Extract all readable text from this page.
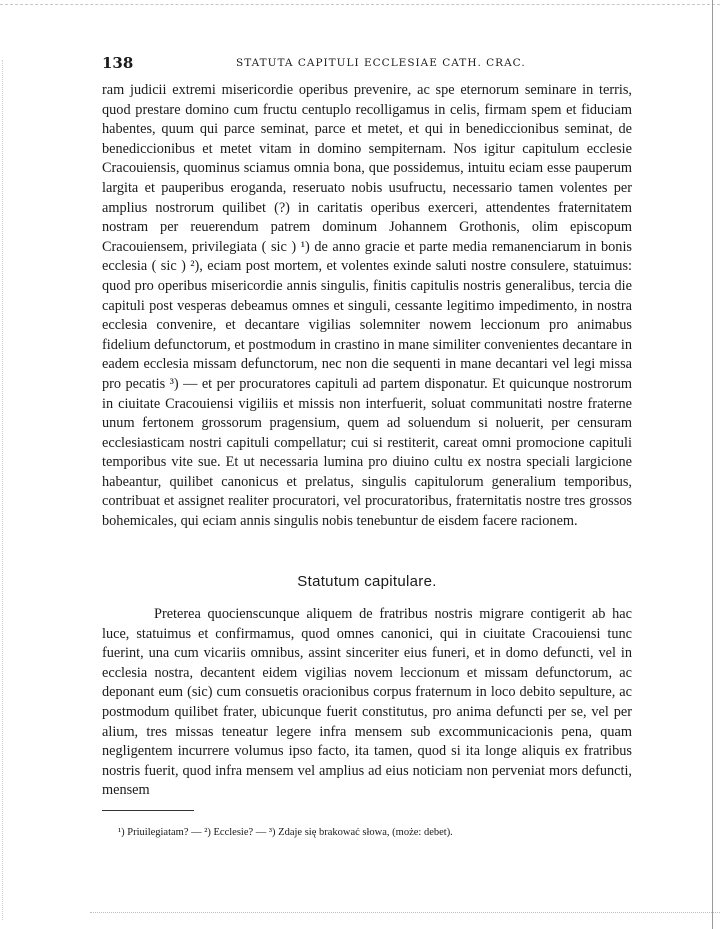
138	STATUTA CAPITULI ECCLESIAE CATH. CRAC.
ram judicii extremi misericordie operibus prevenire, ac spe eternorum seminare in terris, quod prestare domino cum fructu centuplo recolligamus in celis, firmam spem et fiduciam habentes, quum qui parce seminat, parce et metet, et qui in benediccionibus seminat, de benediccionibus et metet vitam in domino sempiternam. Nos igitur capitulum ecclesie Cracouiensis, quominus sciamus omnia bona, que possidemus, intuitu eciam esse pauperum largita et pauperibus eroganda, reseruato nobis usufructu, necessario tamen volentes per amplius nostrorum quilibet (?) in caritatis operibus exerceri, attendentes fraternitatem nostram per reuerendum patrem dominum Johannem Grothonis, olim episcopum Cracouiensem, privilegiata ( sic ) ¹) de anno gracie et parte media remanenciarum in bonis ecclesia ( sic ) ²), eciam post mortem, et volentes exinde saluti nostre consulere, statuimus: quod pro operibus misericordie annis singulis, finitis capitulis nostris generalibus, tercia die capituli post vesperas debeamus omnes et singuli, cessante legitimo impedimento, in nostra ecclesia convenire, et decantare vigilias solemniter nowem leccionum pro animabus fidelium defunctorum, et postmodum in crastino in mane similiter convenientes decantare in eadem ecclesia missam defunctorum, nec non die sequenti in mane decantari vel legi missa pro pecatis ³) — et per procuratores capituli ad partem disponatur. Et quicunque nostrorum in ciuitate Cracouiensi vigiliis et missis non interfuerit, soluat communitati nostre fraterne unum fertonem grossorum pragensium, quem ad soluendum si noluerit, per censuram ecclesiasticam nostri capituli compellatur; cui si restiterit, careat omni promocione capituli temporibus vite sue. Et ut necessaria lumina pro diuino cultu ex nostra speciali largicione habeantur, quilibet canonicus et prelatus, singulis capitulorum generalium temporibus, contribuat et assignet realiter procuratori, vel procuratoribus, fraternitatis nostre tres grossos bohemicales, qui eciam annis singulis nobis tenebuntur de eisdem facere racionem.
Statutum capitulare.
Preterea quocienscunque aliquem de fratribus nostris migrare contigerit ab hac luce, statuimus et confirmamus, quod omnes canonici, qui in ciuitate Cracouiensi tunc fuerint, una cum vicariis omnibus, assint sinceriter eius funeri, et in domo defuncti, vel in ecclesia nostra, decantent eidem vigilias novem leccionum et missam defunctorum, ac deponant eum (sic) cum consuetis oracionibus corpus fraternum in loco debito sepulture, ac postmodum quilibet frater, ubicunque fuerit constitutus, pro anima defuncti per se, vel per alium, tres missas teneatur legere infra mensem sub excommunicacionis pena, quam negligentem incurrere volumus ipso facto, ita tamen, quod si ita longe aliquis ex fratribus nostris fuerit, quod infra mensem vel amplius ad eius noticiam non perveniat mors defuncti, mensem
¹) Priuilegiatam? — ²) Ecclesie? — ³) Zdaje się brakować słowa, (może: debet).
